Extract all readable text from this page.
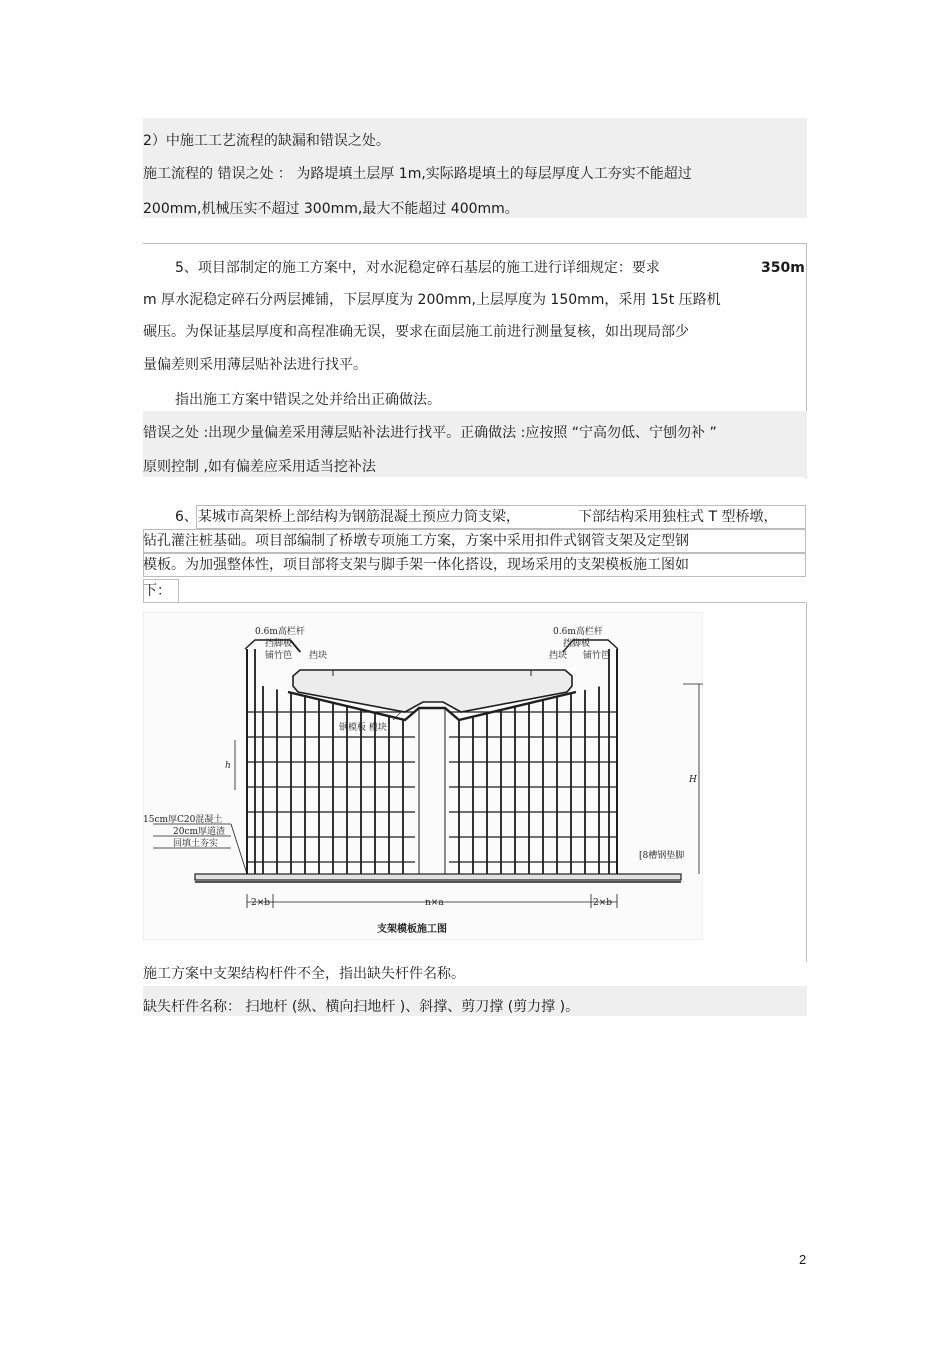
2）中施工工艺流程的缺漏和错误之处。
施工流程的 错误之处 ： 为路堤填土层厚 1m,实际路堤填土的每层厚度人工夯实不能超过
200mm,机械压实不超过 300mm,最大不能超过 400mm。
5、项目部制定的施工方案中，对水泥稳定碎石基层的施工进行详细规定：要求	350m
m 厚水泥稳定碎石分两层摊铺，下层厚度为 200mm,上层厚度为 150mm，采用 15t 压路机
碾压。为保证基层厚度和高程准确无误，要求在面层施工前进行测量复核，如出现局部少
量偏差则采用薄层贴补法进行找平。
指出施工方案中错误之处并给出正确做法。
错误之处 :出现少量偏差采用薄层贴补法进行找平。正确做法 :应按照 “宁高勿低、宁刨勿补 ”
原则控制 ,如有偏差应采用适当挖补法
6、某城市高架桥上部结构为钢筋混凝土预应力筒支梁，	下部结构采用独柱式 T 型桥墩，
钻孔灌注桩基础。项目部编制了桥墩专项施工方案，方案中采用扣件式钢管支架及定型钢
模板。为加强整体性，项目部将支架与脚手架一体化搭设，现场采用的支架模板施工图如
下：
0.6m高栏杆
挡脚板
铺竹笆 挡块
0.6m高栏杆
挡脚板
挡块 铺竹笆
钢模板 模块
h
H
15cm厚C20混凝土
20cm厚道渣
回填土夯实
[8槽钢垫脚
2×b	n×a	2×b
支架模板施工图
施工方案中支架结构杆件不全，指出缺失杆件名称。
缺失杆件名称： 扫地杆 (纵、横向扫地杆 )、斜撑、剪刀撑 (剪力撑 )。
2
